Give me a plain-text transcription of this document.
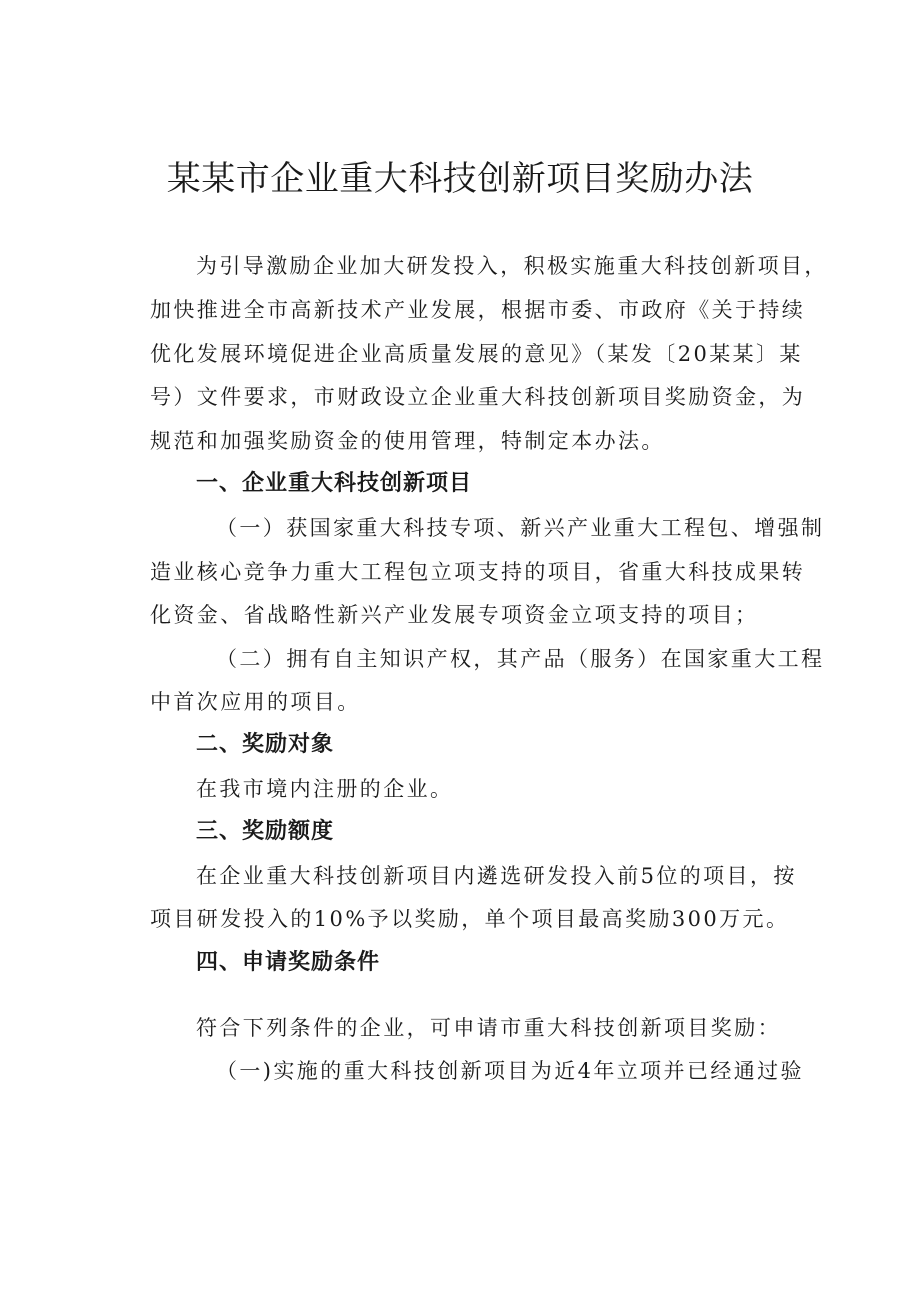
某某市企业重大科技创新项目奖励办法

为引导激励企业加大研发投入，积极实施重大科技创新项目，

加快推进全市高新技术产业发展，根据市委、市政府《关于持续

优化发展环境促进企业高质量发展的意见》（某发〔20某某〕某

号）文件要求，市财政设立企业重大科技创新项目奖励资金，为

规范和加强奖励资金的使用管理，特制定本办法。

一、企业重大科技创新项目

（一）获国家重大科技专项、新兴产业重大工程包、增强制

造业核心竞争力重大工程包立项支持的项目，省重大科技成果转

化资金、省战略性新兴产业发展专项资金立项支持的项目；

（二）拥有自主知识产权，其产品（服务）在国家重大工程

中首次应用的项目。

二、奖励对象

在我市境内注册的企业。

三、奖励额度

在企业重大科技创新项目内遴选研发投入前5位的项目，按

项目研发投入的10%予以奖励，单个项目最高奖励300万元。

四、申请奖励条件

符合下列条件的企业，可申请市重大科技创新项目奖励：

（一)实施的重大科技创新项目为近4年立项并已经通过验
